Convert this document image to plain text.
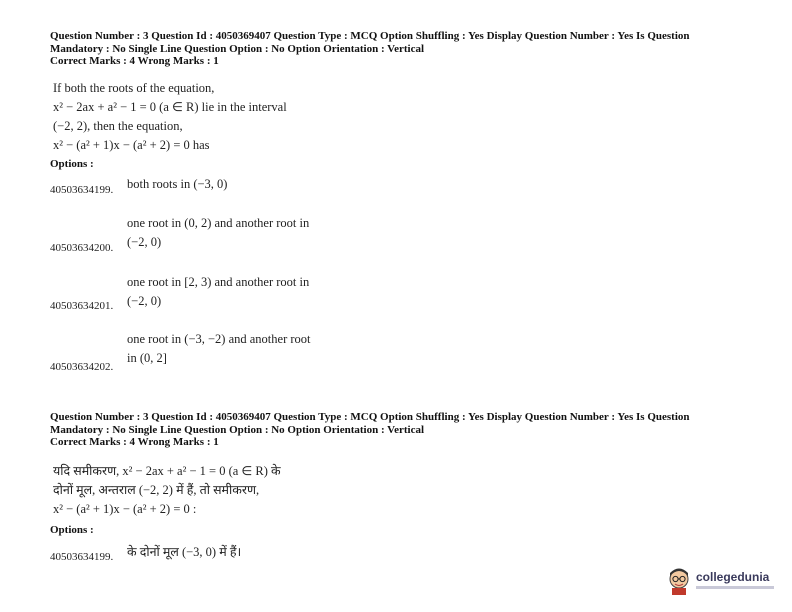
Question Number : 3 Question Id : 4050369407 Question Type : MCQ Option Shuffling : Yes Display Question Number : Yes Is Question
Mandatory : No Single Line Question Option : No Option Orientation : Vertical
Correct Marks : 4 Wrong Marks : 1
If both the roots of the equation,
x² − 2ax + a² − 1 = 0 (a ∈ R) lie in the interval
(−2, 2), then the equation,
x² − (a² + 1)x − (a² + 2) = 0 has
Options :
both roots in (−3, 0)
40503634199.
one root in (0, 2) and another root in
(−2, 0)
40503634200.
one root in [2, 3) and another root in
(−2, 0)
40503634201.
one root in (−3, −2) and another root
in (0, 2]
40503634202.
Question Number : 3 Question Id : 4050369407 Question Type : MCQ Option Shuffling : Yes Display Question Number : Yes Is Question
Mandatory : No Single Line Question Option : No Option Orientation : Vertical
Correct Marks : 4 Wrong Marks : 1
यदि समीकरण, x² − 2ax + a² − 1 = 0 (a ∈ R) के
दोनों मूल, अन्तराल (−2, 2) में हैं, तो समीकरण,
x² − (a² + 1)x − (a² + 2) = 0 :
Options :
के दोनों मूल (−3, 0) में हैं।
40503634199.
collegedunia
